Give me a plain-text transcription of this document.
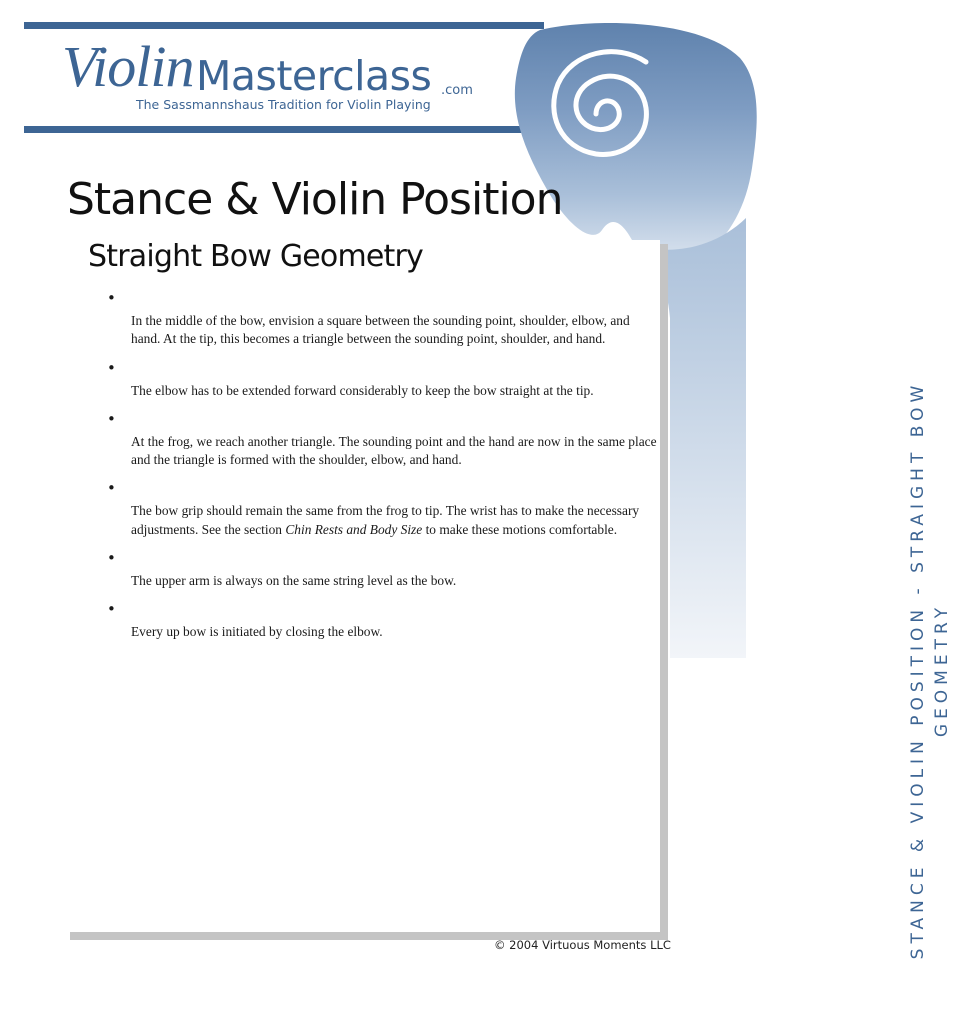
Violin Masterclass .com
The Sassmannshaus Tradition for Violin Playing
Stance & Violin Position
Straight Bow Geometry
•
In the middle of the bow, envision a square between the sounding point, shoulder, elbow, and hand. At the tip, this becomes a triangle between the sounding point, shoulder, and hand.
•
The elbow has to be extended forward considerably to keep the bow straight at the tip.
•
At the frog, we reach another triangle. The sounding point and the hand are now in the same place and the triangle is formed with the shoulder, elbow, and hand.
•
The bow grip should remain the same from the frog to tip. The wrist has to make the necessary adjustments. See the section Chin Rests and Body Size to make these motions comfortable.
•
The upper arm is always on the same string level as the bow.
•
Every up bow is initiated by closing the elbow.	STANCE & VIOLIN POSITION - STRAIGHT BOW GEOMETRY
© 2004 Virtuous Moments LLC
